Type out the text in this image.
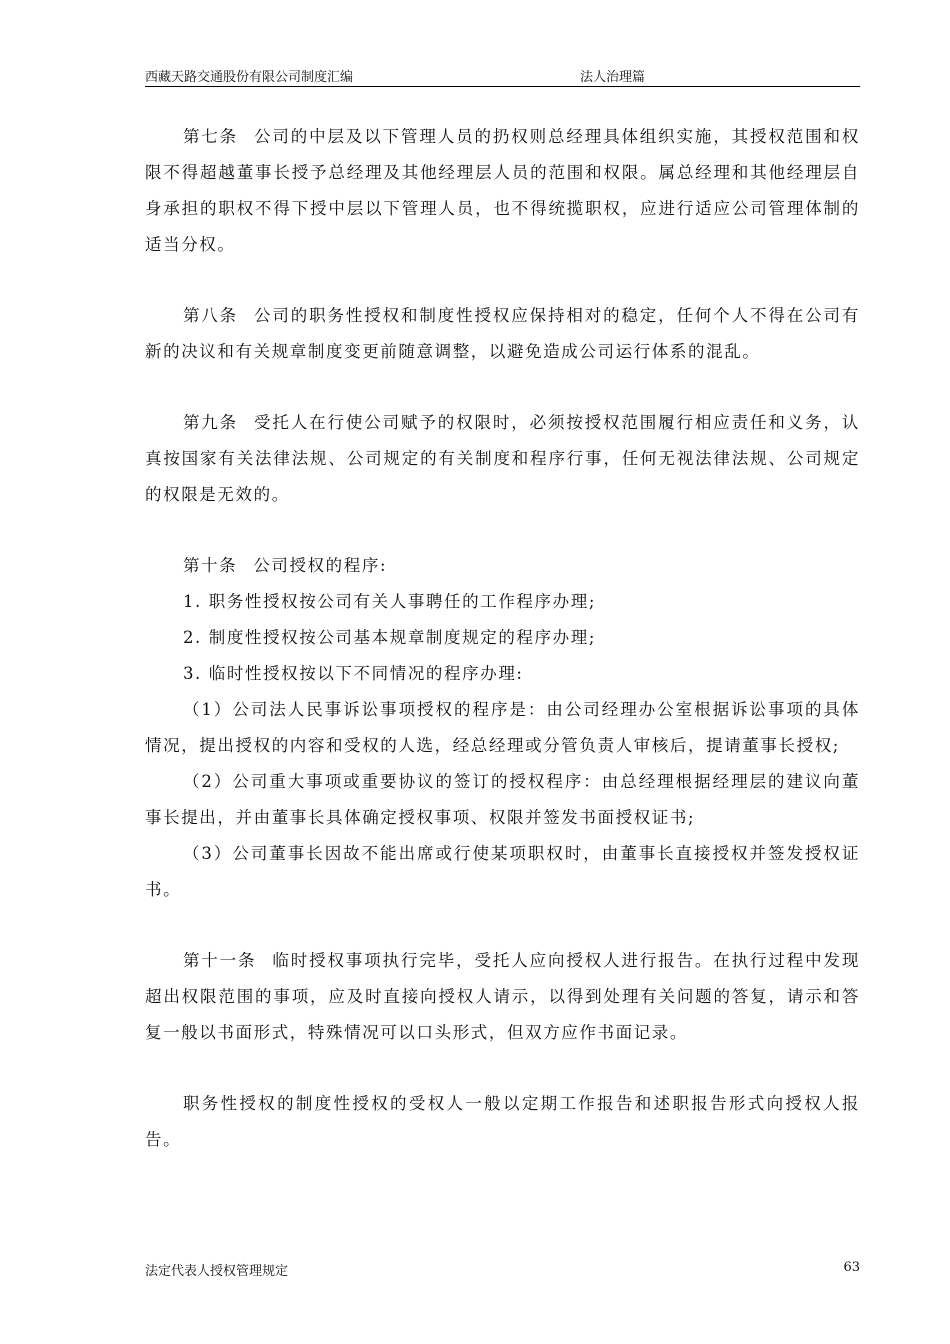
西藏天路交通股份有限公司制度汇编	法人治理篇

第七条 公司的中层及以下管理人员的扔权则总经理具体组织实施，其授权范围和权限不得超越董事长授予总经理及其他经理层人员的范围和权限。属总经理和其他经理层自身承担的职权不得下授中层以下管理人员，也不得统揽职权，应进行适应公司管理体制的适当分权。

第八条 公司的职务性授权和制度性授权应保持相对的稳定，任何个人不得在公司有新的决议和有关规章制度变更前随意调整，以避免造成公司运行体系的混乱。

第九条 受托人在行使公司赋予的权限时，必须按授权范围履行相应责任和义务，认真按国家有关法律法规、公司规定的有关制度和程序行事，任何无视法律法规、公司规定的权限是无效的。

第十条 公司授权的程序:

1. 职务性授权按公司有关人事聘任的工作程序办理;

2. 制度性授权按公司基本规章制度规定的程序办理;

3. 临时性授权按以下不同情况的程序办理:

（1）公司法人民事诉讼事项授权的程序是：由公司经理办公室根据诉讼事项的具体情况，提出授权的内容和受权的人选，经总经理或分管负责人审核后，提请董事长授权;

（2）公司重大事项或重要协议的签订的授权程序：由总经理根据经理层的建议向董事长提出，并由董事长具体确定授权事项、权限并签发书面授权证书;

（3）公司董事长因故不能出席或行使某项职权时，由董事长直接授权并签发授权证书。

第十一条 临时授权事项执行完毕，受托人应向授权人进行报告。在执行过程中发现超出权限范围的事项，应及时直接向授权人请示，以得到处理有关问题的答复，请示和答复一般以书面形式，特殊情况可以口头形式，但双方应作书面记录。

职务性授权的制度性授权的受权人一般以定期工作报告和述职报告形式向授权人报告。

法定代表人授权管理规定	63
